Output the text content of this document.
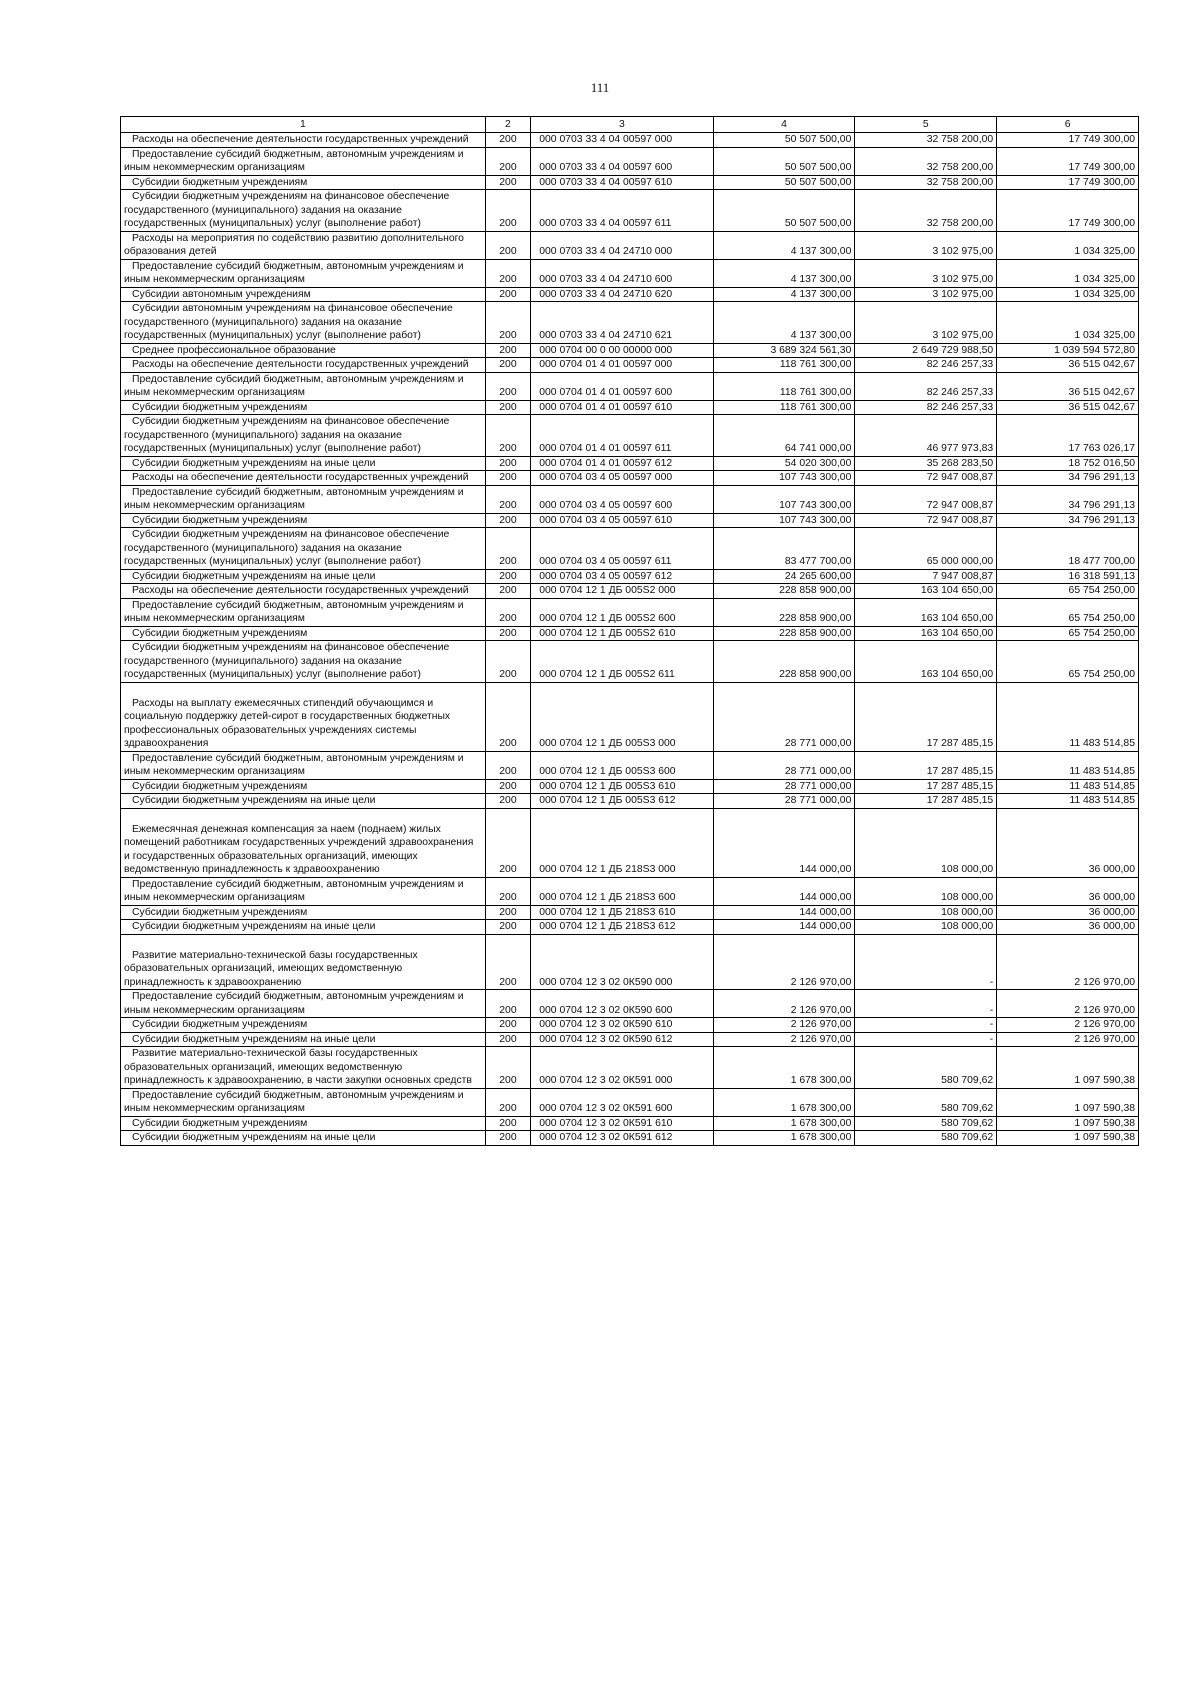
111
1	2	3	4	5	6
Расходы на обеспечение деятельности государственных учреждений	200	000 0703 33 4 04 00597 000	50 507 500,00	32 758 200,00	17 749 300,00
Предоставление субсидий бюджетным, автономным учреждениям и иным некоммерческим организациям	200	000 0703 33 4 04 00597 600	50 507 500,00	32 758 200,00	17 749 300,00
Субсидии бюджетным учреждениям	200	000 0703 33 4 04 00597 610	50 507 500,00	32 758 200,00	17 749 300,00
Субсидии бюджетным учреждениям на финансовое обеспечение государственного (муниципального) задания на оказание государственных (муниципальных) услуг (выполнение работ)	200	000 0703 33 4 04 00597 611	50 507 500,00	32 758 200,00	17 749 300,00
Расходы на мероприятия по содействию развитию дополнительного образования детей	200	000 0703 33 4 04 24710 000	4 137 300,00	3 102 975,00	1 034 325,00
Предоставление субсидий бюджетным, автономным учреждениям и иным некоммерческим организациям	200	000 0703 33 4 04 24710 600	4 137 300,00	3 102 975,00	1 034 325,00
Субсидии автономным учреждениям	200	000 0703 33 4 04 24710 620	4 137 300,00	3 102 975,00	1 034 325,00
Субсидии автономным учреждениям на финансовое обеспечение государственного (муниципального) задания на оказание государственных (муниципальных) услуг (выполнение работ)	200	000 0703 33 4 04 24710 621	4 137 300,00	3 102 975,00	1 034 325,00
Среднее профессиональное образование	200	000 0704 00 0 00 00000 000	3 689 324 561,30	2 649 729 988,50	1 039 594 572,80
Расходы на обеспечение деятельности государственных учреждений	200	000 0704 01 4 01 00597 000	118 761 300,00	82 246 257,33	36 515 042,67
Предоставление субсидий бюджетным, автономным учреждениям и иным некоммерческим организациям	200	000 0704 01 4 01 00597 600	118 761 300,00	82 246 257,33	36 515 042,67
Субсидии бюджетным учреждениям	200	000 0704 01 4 01 00597 610	118 761 300,00	82 246 257,33	36 515 042,67
Субсидии бюджетным учреждениям на финансовое обеспечение государственного (муниципального) задания на оказание государственных (муниципальных) услуг (выполнение работ)	200	000 0704 01 4 01 00597 611	64 741 000,00	46 977 973,83	17 763 026,17
Субсидии бюджетным учреждениям на иные цели	200	000 0704 01 4 01 00597 612	54 020 300,00	35 268 283,50	18 752 016,50
Расходы на обеспечение деятельности государственных учреждений	200	000 0704 03 4 05 00597 000	107 743 300,00	72 947 008,87	34 796 291,13
Предоставление субсидий бюджетным, автономным учреждениям и иным некоммерческим организациям	200	000 0704 03 4 05 00597 600	107 743 300,00	72 947 008,87	34 796 291,13
Субсидии бюджетным учреждениям	200	000 0704 03 4 05 00597 610	107 743 300,00	72 947 008,87	34 796 291,13
Субсидии бюджетным учреждениям на финансовое обеспечение государственного (муниципального) задания на оказание государственных (муниципальных) услуг (выполнение работ)	200	000 0704 03 4 05 00597 611	83 477 700,00	65 000 000,00	18 477 700,00
Субсидии бюджетным учреждениям на иные цели	200	000 0704 03 4 05 00597 612	24 265 600,00	7 947 008,87	16 318 591,13
Расходы на обеспечение деятельности государственных учреждений	200	000 0704 12 1 ДБ 005S2 000	228 858 900,00	163 104 650,00	65 754 250,00
Предоставление субсидий бюджетным, автономным учреждениям и иным некоммерческим организациям	200	000 0704 12 1 ДБ 005S2 600	228 858 900,00	163 104 650,00	65 754 250,00
Субсидии бюджетным учреждениям	200	000 0704 12 1 ДБ 005S2 610	228 858 900,00	163 104 650,00	65 754 250,00
Субсидии бюджетным учреждениям на финансовое обеспечение государственного (муниципального) задания на оказание государственных (муниципальных) услуг (выполнение работ)	200	000 0704 12 1 ДБ 005S2 611	228 858 900,00	163 104 650,00	65 754 250,00
Расходы на выплату ежемесячных стипендий обучающимся и социальную поддержку детей-сирот в государственных бюджетных профессиональных образовательных учреждениях системы здравоохранения	200	000 0704 12 1 ДБ 005S3 000	28 771 000,00	17 287 485,15	11 483 514,85
Предоставление субсидий бюджетным, автономным учреждениям и иным некоммерческим организациям	200	000 0704 12 1 ДБ 005S3 600	28 771 000,00	17 287 485,15	11 483 514,85
Субсидии бюджетным учреждениям	200	000 0704 12 1 ДБ 005S3 610	28 771 000,00	17 287 485,15	11 483 514,85
Субсидии бюджетным учреждениям на иные цели	200	000 0704 12 1 ДБ 005S3 612	28 771 000,00	17 287 485,15	11 483 514,85
Ежемесячная денежная компенсация за наем (поднаем) жилых помещений работникам государственных учреждений здравоохранения и государственных образовательных организаций, имеющих ведомственную принадлежность к здравоохранению	200	000 0704 12 1 ДБ 218S3 000	144 000,00	108 000,00	36 000,00
Предоставление субсидий бюджетным, автономным учреждениям и иным некоммерческим организациям	200	000 0704 12 1 ДБ 218S3 600	144 000,00	108 000,00	36 000,00
Субсидии бюджетным учреждениям	200	000 0704 12 1 ДБ 218S3 610	144 000,00	108 000,00	36 000,00
Субсидии бюджетным учреждениям на иные цели	200	000 0704 12 1 ДБ 218S3 612	144 000,00	108 000,00	36 000,00
Развитие материально-технической базы государственных образовательных организаций, имеющих ведомственную принадлежность к здравоохранению	200	000 0704 12 3 02 0К590 000	2 126 970,00	-	2 126 970,00
Предоставление субсидий бюджетным, автономным учреждениям и иным некоммерческим организациям	200	000 0704 12 3 02 0К590 600	2 126 970,00	-	2 126 970,00
Субсидии бюджетным учреждениям	200	000 0704 12 3 02 0К590 610	2 126 970,00	-	2 126 970,00
Субсидии бюджетным учреждениям на иные цели	200	000 0704 12 3 02 0К590 612	2 126 970,00	-	2 126 970,00
Развитие материально-технической базы государственных образовательных организаций, имеющих ведомственную принадлежность к здравоохранению, в части закупки основных средств	200	000 0704 12 3 02 0К591 000	1 678 300,00	580 709,62	1 097 590,38
Предоставление субсидий бюджетным, автономным учреждениям и иным некоммерческим организациям	200	000 0704 12 3 02 0К591 600	1 678 300,00	580 709,62	1 097 590,38
Субсидии бюджетным учреждениям	200	000 0704 12 3 02 0К591 610	1 678 300,00	580 709,62	1 097 590,38
Субсидии бюджетным учреждениям на иные цели	200	000 0704 12 3 02 0К591 612	1 678 300,00	580 709,62	1 097 590,38
